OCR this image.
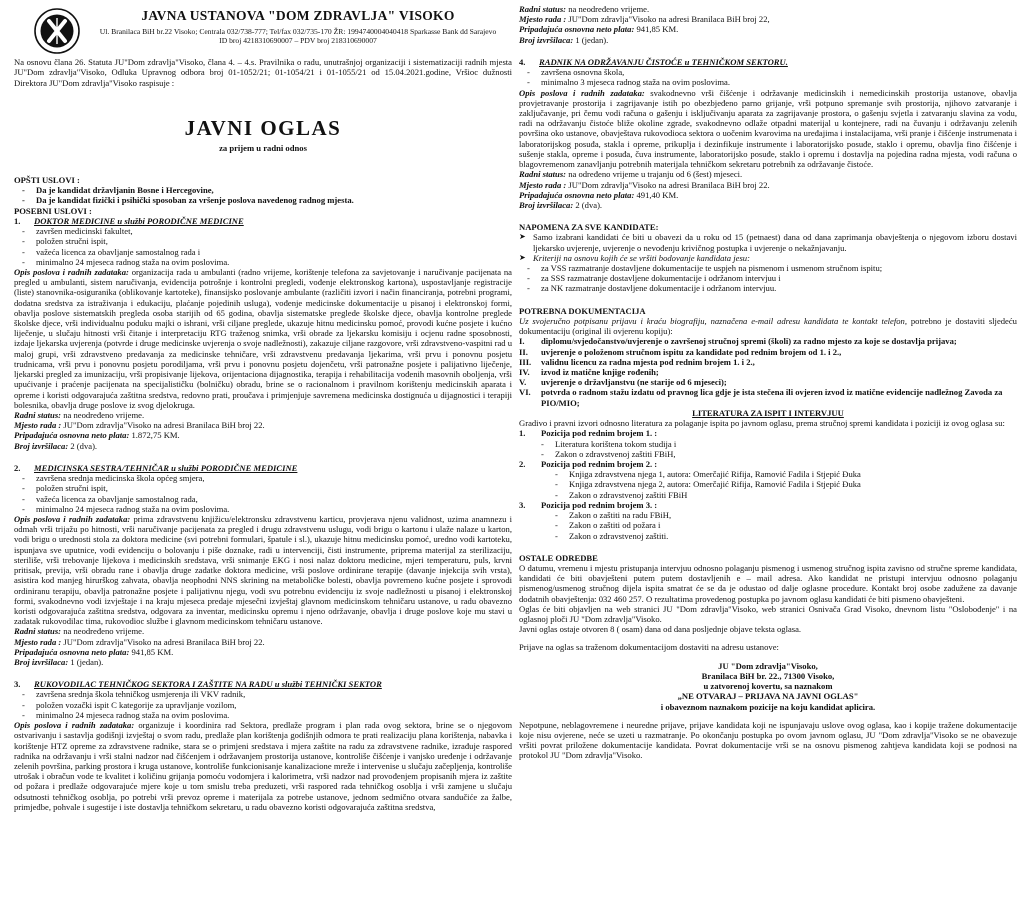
JAVNA USTANOVA "DOM ZDRAVLJA" VISOKO
Ul. Branilaca BiH br.22 Visoko; Centrala 032/738-777; Tel/fax 032/735-170 ŽR: 1994740004040418 Sparkasse Bank dd Sarajevo
ID broj 4218310690007 – PDV broj 218310690007

Na osnovu člana 26. Statuta JU"Dom zdravlja"Visoko, člana 4. – 4.s. Pravilnika o radu, unutrašnjoj organizaciji i sistematizaciji radnih mjesta JU"Dom zdravlja"Visoko, Odluka Upravnog odbora broj 01-1052/21; 01-1054/21 i 01-1055/21 od 15.04.2021.godine, Vršioc dužnosti Direktora JU"Dom zdravlja"Visoko raspisuje :

JAVNI OGLAS
za prijem u radni odnos
OPŠTI USLOVI :
- Da je kandidat državljanin Bosne i Hercegovine,
- Da je kandidat fizički i psihički sposoban za vršenje poslova navedenog radnog mjesta.
POSEBNI USLOVI :
1. DOKTOR MEDICINE u službi PORODIČNE MEDICINE
- završen medicinski fakultet,
- položen stručni ispit,
- važeća licenca za obavljanje samostalnog rada i
- minimalno 24 mjeseca radnog staža na ovim poslovima.

Opis poslova i radnih zadataka: organizacija rada u ambulanti (radno vrijeme, korištenje telefona za savjetovanje i naručivanje pacijenata na pregled u ambulanti, sistem naručivanja, evidencija potrošnje i kontrolni pregledi, vođenje elektronskog kartona), uspostavljanje registracije (liste) stanovnika-osiguranika (oblikovanje kartoteke), finansijsko poslovanje ambulante (različiti izvori i način financiranja, potrebni programi, dodatna sredstva za istraživanja i edukaciju, plaćanje pojedinih usluga), vođenje medicinske dokumentacije u pisanoj i elektronskoj formi, obavlja poslove sistematskih pregleda osoba starijih od 65 godina, obavlja sistematske preglede školske djece, obavlja kontrolne preglede školske djece, vrši individualnu poduku majki o ishrani, vrši ciljane preglede, ukazuje hitnu medicinsku pomoć, provodi kućne posjete i kućno liječenje, u slučaju hitnosti vrši čitanje i interpretaciju RTG traženog snimka, vrši obrade za ljekarsku komisiju i ocjenu radne sposobnosti, izdaje ljekarska uvjerenja (potvrde i druge medicinske uvjerenja o svoje nadležnosti), zakazuje ciljane razgovore, vrši zdravstveno-vaspitni rad u maloj grupi, vrši zdravstveno predavanja za medicinske tehničare, vrši zdravstvenu predavanja ljekarima, vrši prvu i ponovnu posjetu trudnicama, vrši prvu i ponovnu posjetu porodiljama, vrši prvu i ponovnu posjetu dojenčetu, vrši patronažne posjete i palijativno liječenje, ljekarski pregled za imunizaciju, vrši propisivanje lijekova, orijentaciona dijagnostika, terapija i rehabilitacija vođenih masovnih oboljenja, vrši upućivanje i praćenje pacijenata na specijalističku (bolničku) obradu, brine se o racionalnom i pravilnom korištenju medicinskih aparata i opreme i koristi odgovarajuća zaštitna sredstva, redovno prati, proučava i primjenjuje savremena medicinska dostignuća u dijagnostici i terapiji bolesnika, obavlja druge poslove iz svog djelokruga.

Radni status: na neodređeno vrijeme.

Mjesto rada : JU"Dom zdravlja"Visoko na adresi Branilaca BiH broj 22.

Pripadajuća osnovna neto plata: 1.872,75 KM.

Broj izvršilaca: 2 (dva).

2. MEDICINSKA SESTRA/TEHNIČAR u službi PORODIČNE MEDICINE
- završena srednja medicinska škola općeg smjera,
- položen stručni ispit,
- važeća licenca za obavljanje samostalnog rada,
- minimalno 24 mjeseca radnog staža na ovim poslovima.

Opis poslova i radnih zadataka: prima zdravstvenu knjižicu/elektronsku zdravstvenu karticu, provjerava njenu validnost, uzima anamnezu i odmah vrši trijažu po hitnosti, vrši naručivanje pacijenata za pregled i drugu zdravstvenu uslugu, vodi brigu o kartonu i ulaže nalaze u karton, vodi brigu o urednosti stola za doktora medicine (svi potrebni formulari, špatule i sl.), ukazuje hitnu medicinsku pomoć, uredno vodi kartoteku, ispunjava sve uputnice, vodi evidenciju o bolovanju i piše doznake, radi u intervenciji, čisti instrumente, pripremа materijal za sterilizaciju, steriliše, vrši trebovanje lijekova i medicinskih sredstava, vrši snimanje EKG i nosi nalaz doktoru medicine, mjeri temperaturu, puls, krvni pritisak, previja, vrši obradu rane i obavlja druge zadatke doktora medicine, vrši poslove ordiniranе terapije (davanje injekcija svih vrsta), asistira kod manjeg hirurškog zahvata, obavlja neophodni NNS skrining na metaboličke bolesti, obavlja povremeno kućne posjete i sprovodi ordiniranu terapiju, obavlja patronažne posjete i palijativnu njegu, vodi svu potrebnu evidenciju iz svoje nadležnosti u pisanoj i elektronskoj formi, svakodnevno vodi izvještaje i na kraju mjeseca predaje mjesečni izvještaj glavnom medicinskom tehničaru ustanove, u radu obavezno koristi odgovarajuća zaštitna sredstva, odgovara za inventar, medicinsku opremu i njeno održavanje, obavlja i druge poslove koje mu stavi u zadatak rukovodilac tima, rukovodioc službe i glavnom medicinskom tehničaru ustanove.

Radni status: na neodređeno vrijeme.

Mjesto rada : JU"Dom zdravlja"Visoko na adresi Branilaca BiH broj 22.

Pripadajuća osnovna neto plata: 941,85 KM.

Broj izvršilaca: 1 (jedan).

3. RUKOVODILAC TEHNIČKOG SEKTORA I ZAŠTITE NA RADU u službi TEHNIČKI SEKTOR
- završena srednja škola tehničkog usmjerenja ili VKV radnik,
- položen vozački ispit C kategorije za upravljanje vozilom,
- minimalno 24 mjeseca radnog staža na ovim poslovima.

Opis poslova i radnih zadataka: organizuje i koordinira rad Sektora, predlaže program i plan rada ovog sektora, brine se o njegovom ostvarivanju i sastavlja godišnji izvještaj o svom radu, predlaže plan korištenja godišnjih odmora te prati realizaciju plana korištenja, nabavka i korištenje HTZ opreme za zdravstvene radnike, stara se o primjeni sredstava i mjera zaštite na radu za zdravstvene radnike, izrađuje raspored radnika na održavanju i vrši stalni nadzor nad čišćenjem i održavanjem prostorija ustanove, kontroliše čišćenje i vanjsko uređenje i održavanje zelenih površina, parking prostora i kruga ustanove, kontroliše funkcionisanje kanalizacione mreže i intervenise u slučaju začepljenja, kontroliše utrošak i obračun vode te kvalitet i količinu grijanja pomoću vodomjera i kalorimetra, vrši nadzor nad provođenjem propisanih mjera iz zaštite od požara i predlaže odgovarajuće mjere koje u tom smislu treba preduzeti, vrši raspored rada tehničkog osoblja i vrši zamjene u slučaju odsutnosti tehničkog osoblja, po potrebi vrši prevoz opreme i materijala za potrebe ustanove, jednom sedmično otvara sandučiće za žalbe, primjedbe, pohvale i sugestije i iste dostavlja tehničkom sekretaru, u radu obavezno koristi odgovarajuća zaštitna sredstva,

Radni status: na neodređeno vrijeme.

Mjesto rada : JU"Dom zdravlja"Visoko na adresi Branilaca BiH broj 22,

Pripadajuća osnovna neto plata: 941,85 KM.

Broj izvršilaca: 1 (jedan).

4. RADNIK NA ODRŽAVANJU ČISTOĆE u TEHNIČKOM SEKTORU.
- završena osnovna škola,
- minimalno 3 mjeseca radnog staža na ovim poslovima.

Opis poslova i radnih zadataka: svakodnevno vrši čišćenje i održavanje medicinskih i nemedicinskih prostorija ustanove, obavlja provjetravanje prostorija i zagrijavanje istih po obezbjeđeno parno grijanje, vrši potpuno spremanje svih prostorija, njihovo zatvaranje i zaključavanje, pri čemu vodi računa o gašenju i isključivanju aparata za zagrijavanje prostora, o gašenju svjetla i zatvaranju slavina za vodu, radi na održavanju čistoće bliže okoline zgrade, svakodnevno odlaže otpadni materijal u kontejnere, radi na čuvanju i održavanju zelenih površina oko ustanove, obavještava rukovodioca sektora o uočenim kvarovima na uređajima i instalacijama, vrši pranje i čišćenje instrumenata i laboratorijskog posuđa, stakla i opreme, prikuplja i dezinfikuje instrumente i laboratorijsko posuđe, staklo i opremu, obavlja fino čišćenje i sušenje stakla, opreme i posuđa, čuva instrumente, laboratorijsko posuđe, staklo i opremu i dostavlja na pojedina radna mjesta, vodi računa o blagovremenom zanavljanju potrebnih materijala tehničkom sekretaru potrebnih za održavanje čistoće.

Radni status: na određeno vrijeme u trajanju od 6 (šest) mjeseci.

Mjesto rada : JU"Dom zdravlja"Visoko na adresi Branilaca BiH broj 22.

Pripadajuća osnovna neto plata: 491,40 KM.

Broj izvršilaca: 2 (dva).

NAPOMENA ZA SVE KANDIDATE:
➤ Samo izabrani kandidati će biti u obavezi da u roku od 15 (petnaest) dana od dana zaprimanja obavještenja o njegovom izboru dostavi ljekarsko uvjerenje, uvjerenje o nevođenju krivičnog postupka i uvjerenje o nekažnjavanju.
➤ Kriteriji na osnovu kojih će se vršiti bodovanje kandidata jesu:
- za VSS razmatranje dostavljene dokumentacije te uspjeh na pismenom i usmenom stručnom ispitu;
- za SSS razmatranje dostavljene dokumentacije i održanom intervjuu i
- za NK razmatranje dostavljene dokumentacije i održanom intervjuu.
POTREBNA DOKUMENTACIJA

Uz svojeručno potpisanu prijavu i kraću biografiju, naznačena e-mail adresu kandidata te kontakt telefon, potrebno je dostaviti sljedeću dokumentaciju (original ili ovjerenu kopiju):

I. diplomu/svjedočanstvo/uvjerenje o završenoj stručnoj spremi (školi) za radno mjesto za koje se dostavlja prijava;
II. uvjerenje o položenom stručnom ispitu za kandidate pod rednim brojem od 1. i 2.,
III. validnu licencu za radna mjesta pod rednim brojem 1. i 2.,
IV. izvod iz matične knjige rođenih;
V. uvjerenje o državljanstvu (ne starije od 6 mjeseci);
VI. potvrda o radnom stažu izdatu od pravnog lica gdje je ista stečena ili ovjeren izvod iz matične evidencije nadležnog Zavoda za PIO/MIO;
LITERATURA ZA ISPIT I INTERVJUU

Gradivo i pravni izvori odnosno literatura za polaganje ispita po javnom oglasu, prema stručnoj spremi kandidata i poziciji iz ovog oglasa su:

1. Pozicija pod rednim brojem 1. :
- Literatura korištena tokom studija i
- Zakon o zdravstvenoj zaštiti FBiH,
2. Pozicija pod rednim brojem 2. :
- Knjiga zdravstvena njega 1, autora: Omerčajić Rifija, Ramović Fadila i Stjepić Đuka
- Knjiga zdravstvena njega 2, autora: Omerčajić Rifija, Ramović Fadila i Stjepić Đuka
- Zakon o zdravstvenoj zaštiti FBiH
3. Pozicija pod rednim brojem 3. :
- Zakon o zaštiti na radu FBiH,
- Zakon o zaštiti od požara i
- Zakon o zdravstvenoj zaštiti.
OSTALE ODREDBE

O datumu, vremenu i mjestu pristupanja intervjuu odnosno polaganju pismenog i usmenog stručnog ispita zavisno od stručne spreme kandidata, kandidati će biti obavješteni putem putem dostavljenih e – mail adresa. Ako kandidat ne pristupi intervjuu odnosno polaganju pismenog/usmenog stručnog dijela ispita smatrat će se da je odustao od dalje oglasne procedure. Kontakt broj osobe zadužene za davanje dodatnih obavještenja: 032 460 257. O rezultatima provedenog postupka po javnom oglasu kandidati će biti pismeno obavješteni.

Oglas će biti objavljen na web stranici JU "Dom zdravlja"Visoko, web stranici Osnivača Grad Visoko, dnevnom listu "Oslobođenje" i na oglasnoj ploči JU "Dom zdravlja"Visoko.

Javni oglas ostaje otvoren 8 ( osam) dana od dana posljednje objave teksta oglasa.

Prijave na oglas sa traženom dokumentacijom dostaviti na adresu ustanove:

JU "Dom zdravlja"Visoko,
Branilaca BiH br. 22., 71300 Visoko,
u zatvorenoj kovertu, sa naznakom
„NE OTVARAJ – PRIJAVA NA JAVNI OGLAS"
i obaveznom naznakom pozicije na koju kandidat aplicira.

Nepotpune, neblagovremene i neuredne prijave, prijave kandidata koji ne ispunjavaju uslove ovog oglasa, kao i kopije tražene dokumentacije koje nisu ovjerene, neće se uzeti u razmatranje. Po okončanju postupka po ovom javnom oglasu, JU "Dom zdravlja"Visoko se ne obavezuje vršiti povrat priložene dokumentacije kandidata. Povrat dokumentacije vrši se na osnovu pismenog zahtjeva kandidata koji se podnosi na protokol JU "Dom zdravlja"Visoko.
